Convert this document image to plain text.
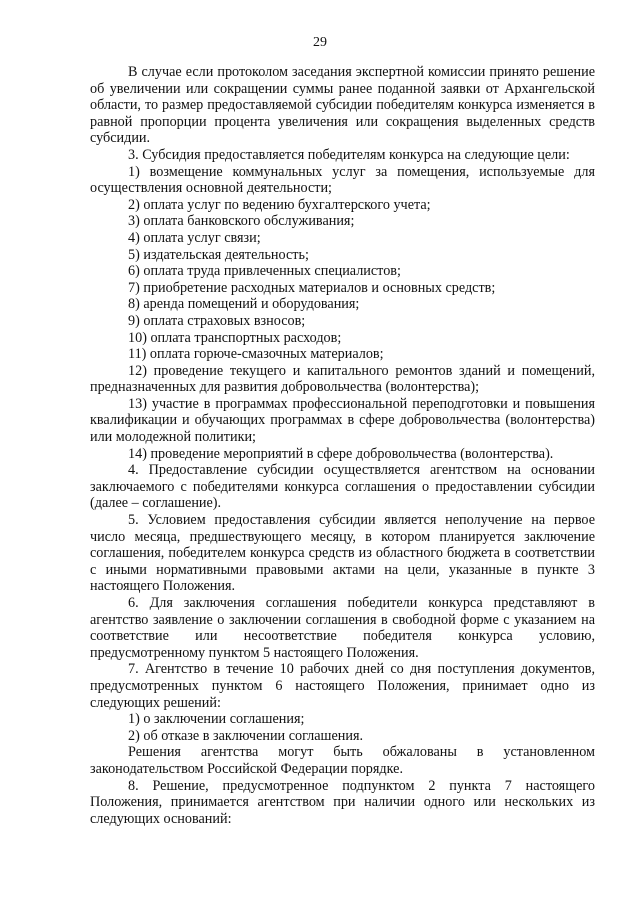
29

В случае если протоколом заседания экспертной комиссии принято решение об увеличении или сокращении суммы ранее поданной заявки от Архангельской области, то размер предоставляемой субсидии победителям конкурса изменяется в равной пропорции процента увеличения или сокращения выделенных средств субсидии.

3. Субсидия предоставляется победителям конкурса на следующие цели:

1) возмещение коммунальных услуг за помещения, используемые для осуществления основной деятельности;

2) оплата услуг по ведению бухгалтерского учета;

3) оплата банковского обслуживания;

4) оплата услуг связи;

5) издательская деятельность;

6) оплата труда привлеченных специалистов;

7) приобретение расходных материалов и основных средств;

8) аренда помещений и оборудования;

9) оплата страховых взносов;

10) оплата транспортных расходов;

11) оплата горюче-смазочных материалов;

12) проведение текущего и капитального ремонтов зданий и помещений, предназначенных для развития добровольчества (волонтерства);

13) участие в программах профессиональной переподготовки и повышения квалификации и обучающих программах в сфере добровольчества (волонтерства) или молодежной политики;

14) проведение мероприятий в сфере добровольчества (волонтерства).

4. Предоставление субсидии осуществляется агентством на основании заключаемого с победителями конкурса соглашения о предоставлении субсидии (далее – соглашение).

5. Условием предоставления субсидии является неполучение на первое число месяца, предшествующего месяцу, в котором планируется заключение соглашения, победителем конкурса средств из областного бюджета в соответствии с иными нормативными правовыми актами на цели, указанные в пункте 3 настоящего Положения.

6. Для заключения соглашения победители конкурса представляют в агентство заявление о заключении соглашения в свободной форме с указанием на соответствие или несоответствие победителя конкурса условию, предусмотренному пунктом 5 настоящего Положения.

7. Агентство в течение 10 рабочих дней со дня поступления документов, предусмотренных пунктом 6 настоящего Положения, принимает одно из следующих решений:

1) о заключении соглашения;

2) об отказе в заключении соглашения.

Решения агентства могут быть обжалованы в установленном законодательством Российской Федерации порядке.

8. Решение, предусмотренное подпунктом 2 пункта 7 настоящего Положения, принимается агентством при наличии одного или нескольких из следующих оснований:
